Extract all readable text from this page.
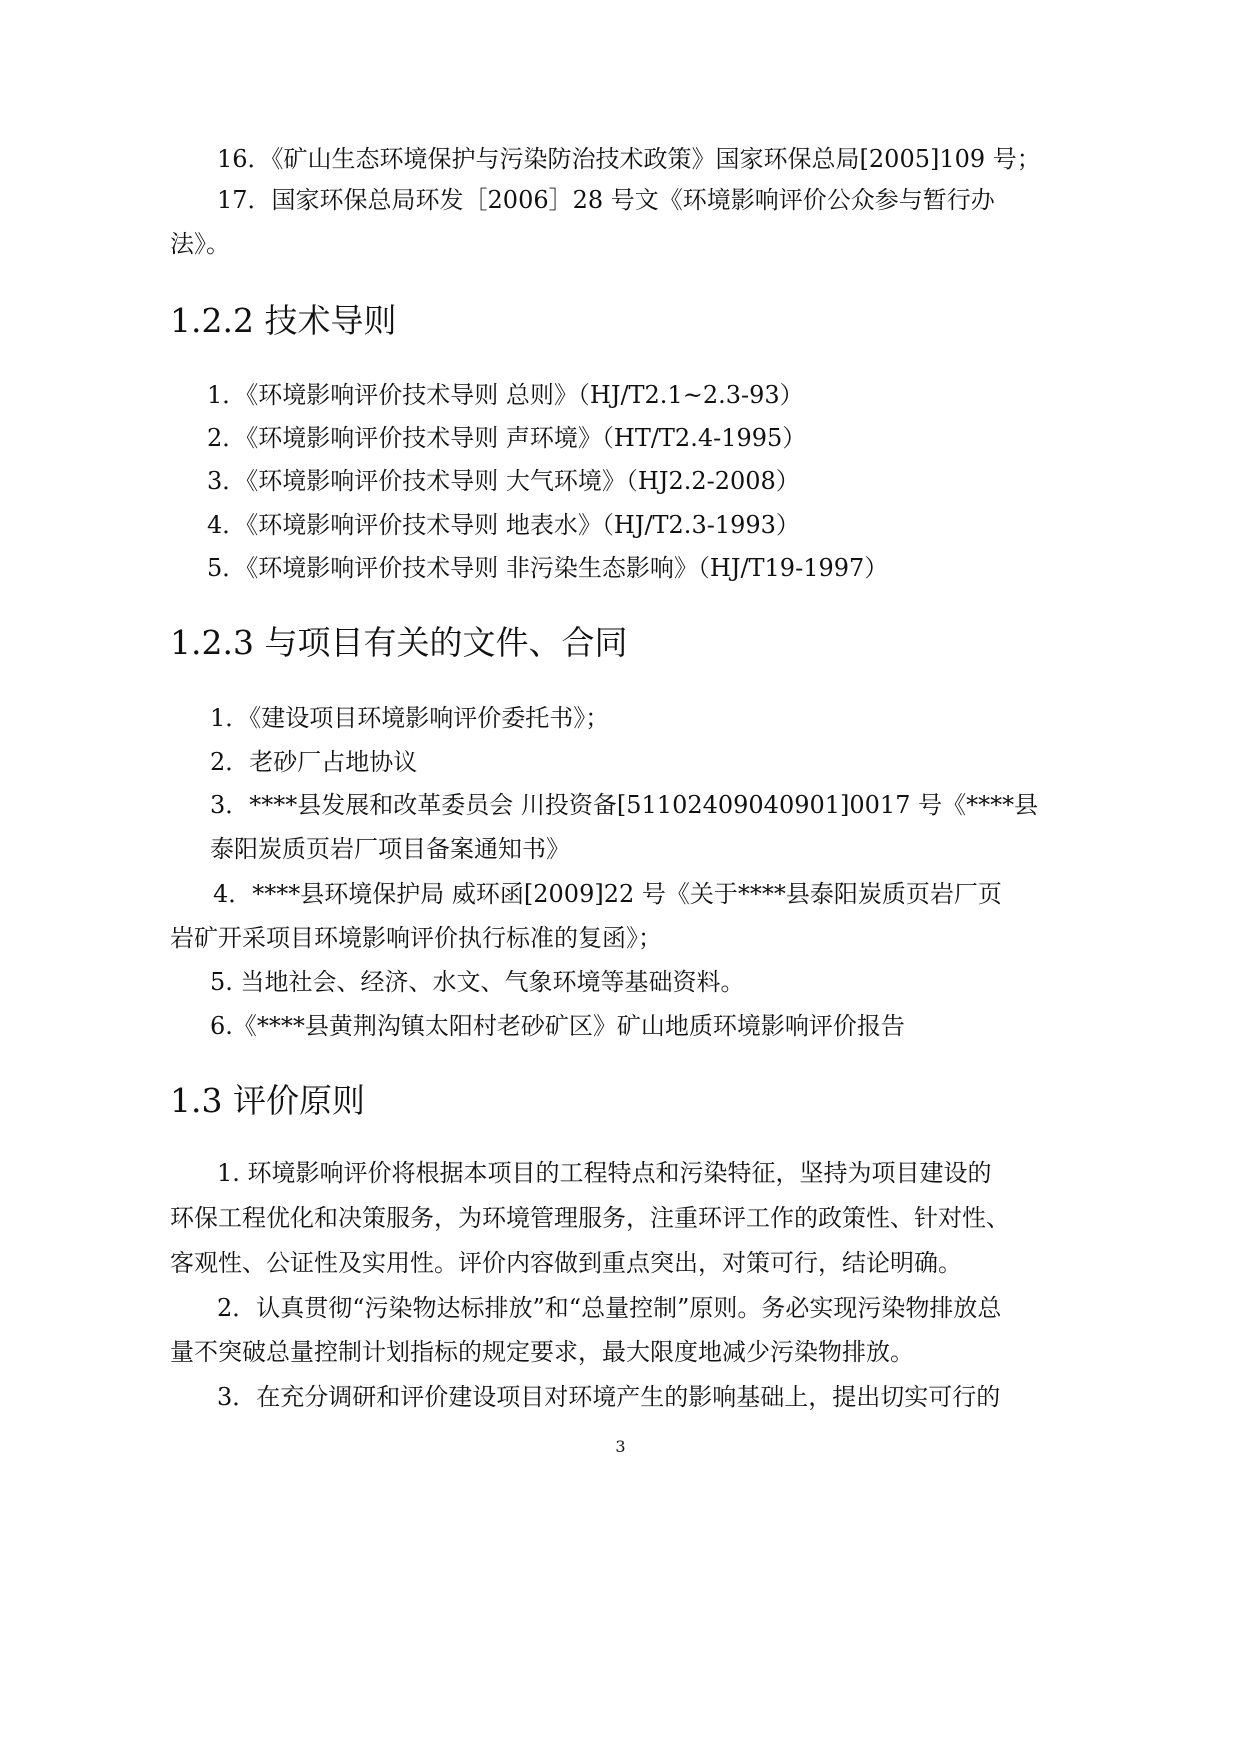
16．《矿山生态环境保护与污染防治技术政策》国家环保总局[2005]109 号；
17．国家环保总局环发［2006］28 号文《环境影响评价公众参与暂行办
法》。
1.2.2 技术导则
1．《环境影响评价技术导则 总则》（HJ/T2.1~2.3-93）
2．《环境影响评价技术导则 声环境》（HT/T2.4-1995）
3．《环境影响评价技术导则 大气环境》（HJ2.2-2008）
4．《环境影响评价技术导则 地表水》（HJ/T2.3-1993）
5．《环境影响评价技术导则 非污染生态影响》（HJ/T19-1997）
1.2.3 与项目有关的文件、合同
1．《建设项目环境影响评价委托书》；
2．老砂厂占地协议
3．****县发展和改革委员会 川投资备[51102409040901]0017 号《****县
泰阳炭质页岩厂项目备案通知书》
4．****县环境保护局 威环函[2009]22 号《关于****县泰阳炭质页岩厂页
岩矿开采项目环境影响评价执行标准的复函》；
5. 当地社会、经济、水文、气象环境等基础资料。
6.《****县黄荆沟镇太阳村老砂矿区》矿山地质环境影响评价报告
1.3 评价原则
1. 环境影响评价将根据本项目的工程特点和污染特征，坚持为项目建设的
环保工程优化和决策服务，为环境管理服务，注重环评工作的政策性、针对性、
客观性、公证性及实用性。评价内容做到重点突出，对策可行，结论明确。
2．认真贯彻“污染物达标排放”和“总量控制”原则。务必实现污染物排放总
量不突破总量控制计划指标的规定要求，最大限度地减少污染物排放。
3．在充分调研和评价建设项目对环境产生的影响基础上，提出切实可行的
3
